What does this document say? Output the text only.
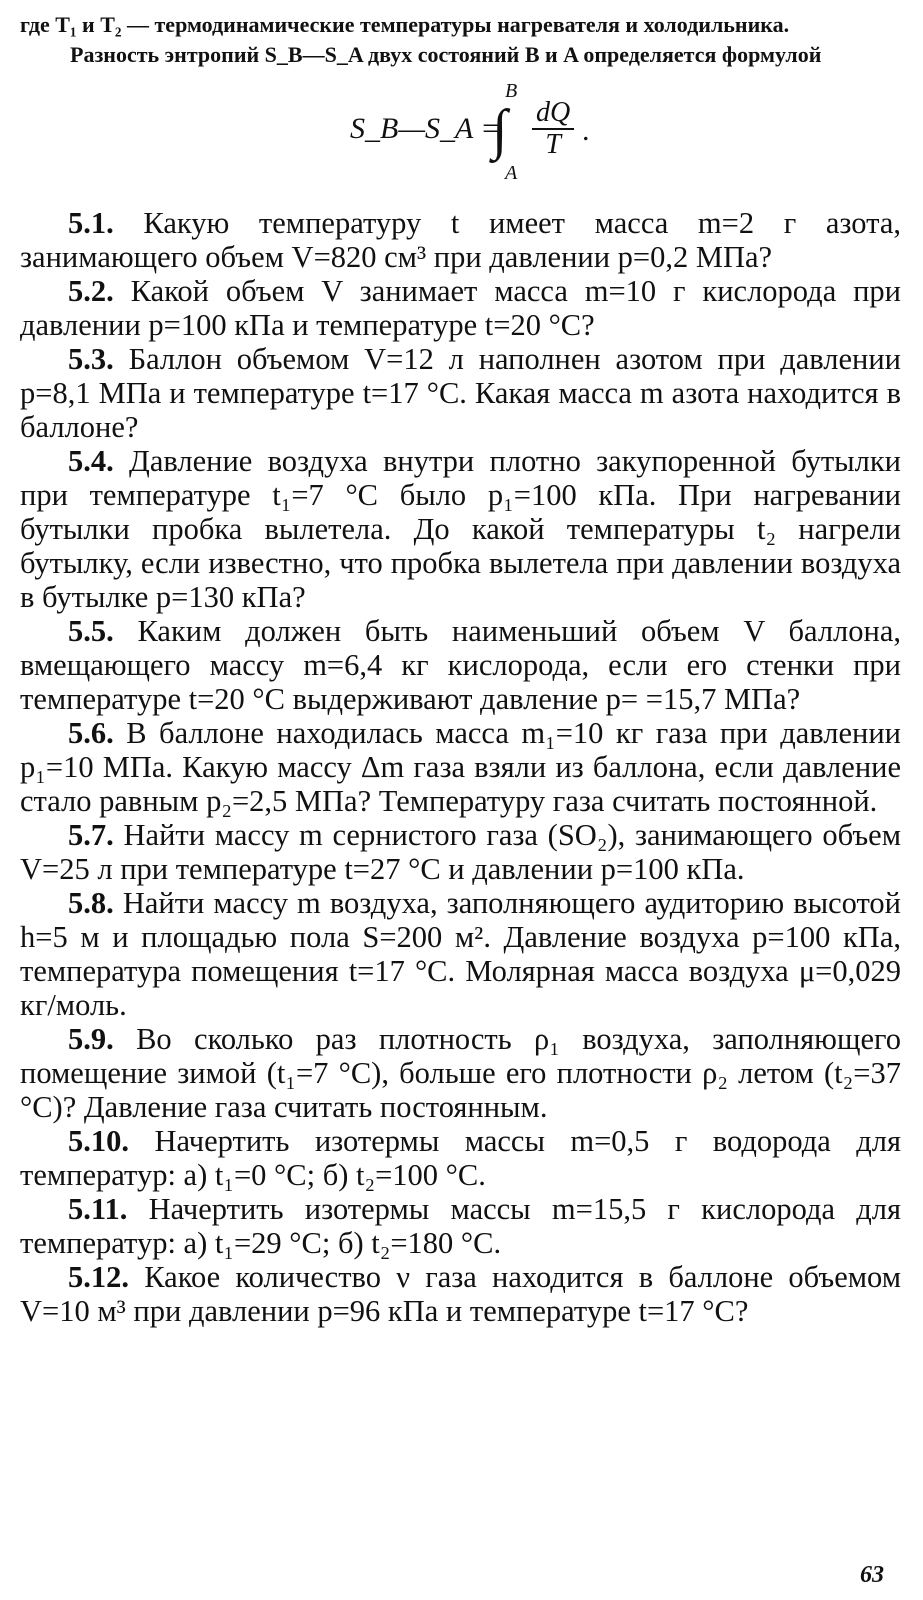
где T₁ и T₂ — термодинамические температуры нагревателя и холодильника.

Разность энтропий S_B—S_A двух состояний B и A определяется формулой

S_B—S_A =
B
∫
A
$\frac{dQ}{T}$ .

5.1. Какую температуру t имеет масса m=2 г азота, занимающего объем V=820 см³ при давлении p=0,2 МПа?

5.2. Какой объем V занимает масса m=10 г кислорода при давлении p=100 кПа и температуре t=20 °С?

5.3. Баллон объемом V=12 л наполнен азотом при давлении p=8,1 МПа и температуре t=17 °С. Какая масса m азота находится в баллоне?

5.4. Давление воздуха внутри плотно закупоренной бутылки при температуре t₁=7 °С было p₁=100 кПа. При нагревании бутылки пробка вылетела. До какой температуры t₂ нагрели бутылку, если известно, что пробка вылетела при давлении воздуха в бутылке p=130 кПа?

5.5. Каким должен быть наименьший объем V баллона, вмещающего массу m=6,4 кг кислорода, если его стенки при температуре t=20 °С выдерживают давление p= =15,7 МПа?

5.6. В баллоне находилась масса m₁=10 кг газа при давлении p₁=10 МПа. Какую массу Δm газа взяли из баллона, если давление стало равным p₂=2,5 МПа? Температуру газа считать постоянной.

5.7. Найти массу m сернистого газа (SO₂), занимающего объем V=25 л при температуре t=27 °С и давлении p=100 кПа.

5.8. Найти массу m воздуха, заполняющего аудиторию высотой h=5 м и площадью пола S=200 м². Давление воздуха p=100 кПа, температура помещения t=17 °С. Молярная масса воздуха μ=0,029 кг/моль.

5.9. Во сколько раз плотность ρ₁ воздуха, заполняющего помещение зимой (t₁=7 °С), больше его плотности ρ₂ летом (t₂=37 °С)? Давление газа считать постоянным.

5.10. Начертить изотермы массы m=0,5 г водорода для температур: а) t₁=0 °С; б) t₂=100 °С.

5.11. Начертить изотермы массы m=15,5 г кислорода для температур: а) t₁=29 °С; б) t₂=180 °С.

5.12. Какое количество ν газа находится в баллоне объемом V=10 м³ при давлении p=96 кПа и температуре t=17 °С?

63
